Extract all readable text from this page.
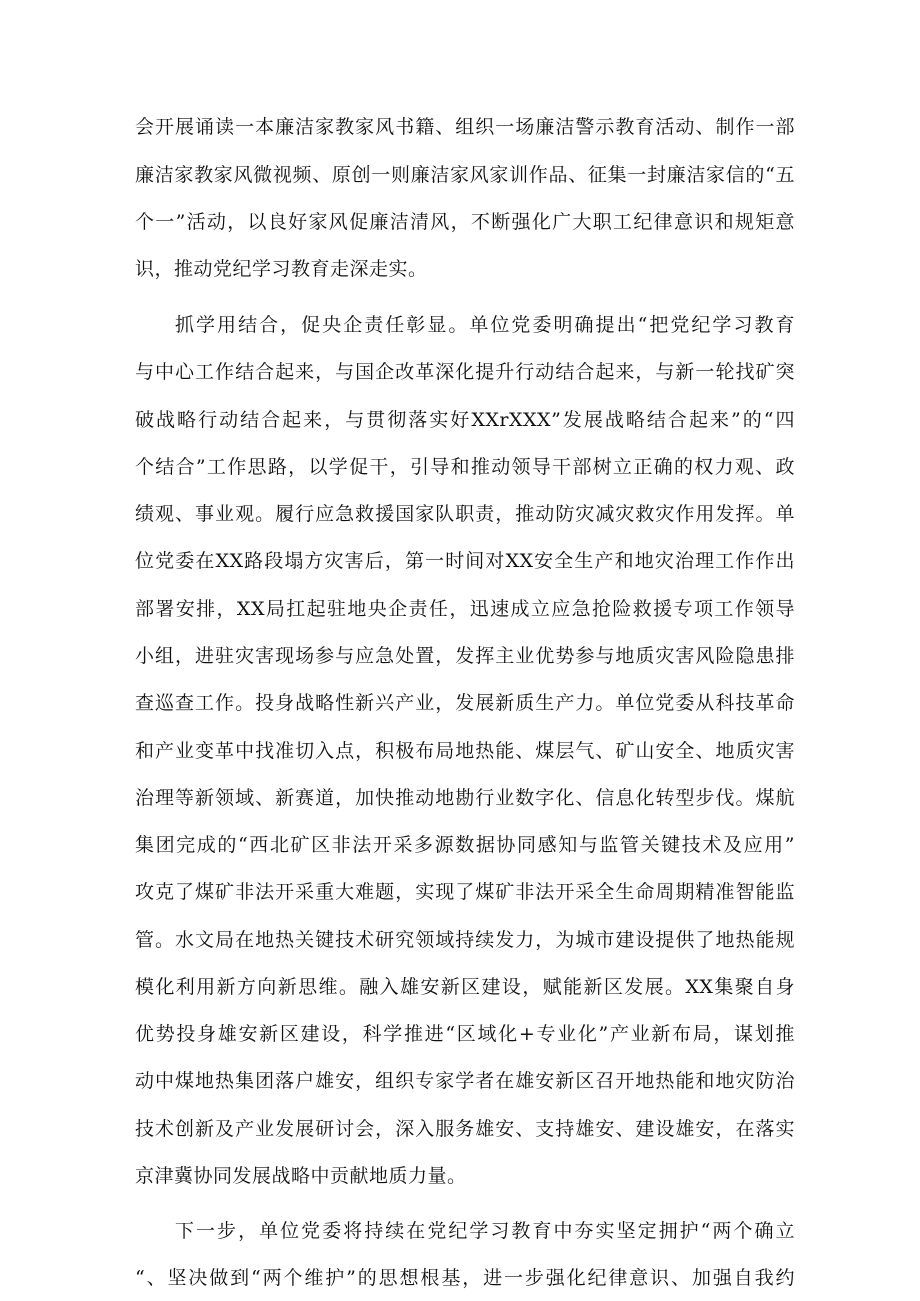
会开展诵读一本廉洁家教家风书籍、组织一场廉洁警示教育活动、制作一部
廉洁家教家风微视频、原创一则廉洁家风家训作品、征集一封廉洁家信的“五
个一”活动，以良好家风促廉洁清风，不断强化广大职工纪律意识和规矩意
识，推动党纪学习教育走深走实。
抓学用结合，促央企责任彰显。单位党委明确提出“把党纪学习教育
与中心工作结合起来，与国企改革深化提升行动结合起来，与新一轮找矿突
破战略行动结合起来，与贯彻落实好XXrXXX”发展战略结合起来”的“四
个结合”工作思路，以学促干，引导和推动领导干部树立正确的权力观、政
绩观、事业观。履行应急救援国家队职责，推动防灾减灾救灾作用发挥。单
位党委在XX路段塌方灾害后，第一时间对XX安全生产和地灾治理工作作出
部署安排，XX局扛起驻地央企责任，迅速成立应急抢险救援专项工作领导
小组，进驻灾害现场参与应急处置，发挥主业优势参与地质灾害风险隐患排
查巡查工作。投身战略性新兴产业，发展新质生产力。单位党委从科技革命
和产业变革中找准切入点，积极布局地热能、煤层气、矿山安全、地质灾害
治理等新领域、新赛道，加快推动地勘行业数字化、信息化转型步伐。煤航
集团完成的“西北矿区非法开采多源数据协同感知与监管关键技术及应用”
攻克了煤矿非法开采重大难题，实现了煤矿非法开采全生命周期精准智能监
管。水文局在地热关键技术研究领域持续发力，为城市建设提供了地热能规
模化利用新方向新思维。融入雄安新区建设，赋能新区发展。XX集聚自身
优势投身雄安新区建设，科学推进“区域化+专业化”产业新布局，谋划推
动中煤地热集团落户雄安，组织专家学者在雄安新区召开地热能和地灾防治
技术创新及产业发展研讨会，深入服务雄安、支持雄安、建设雄安，在落实
京津冀协同发展战略中贡献地质力量。
下一步，单位党委将持续在党纪学习教育中夯实坚定拥护“两个确立
“、坚决做到“两个维护”的思想根基，进一步强化纪律意识、加强自我约
